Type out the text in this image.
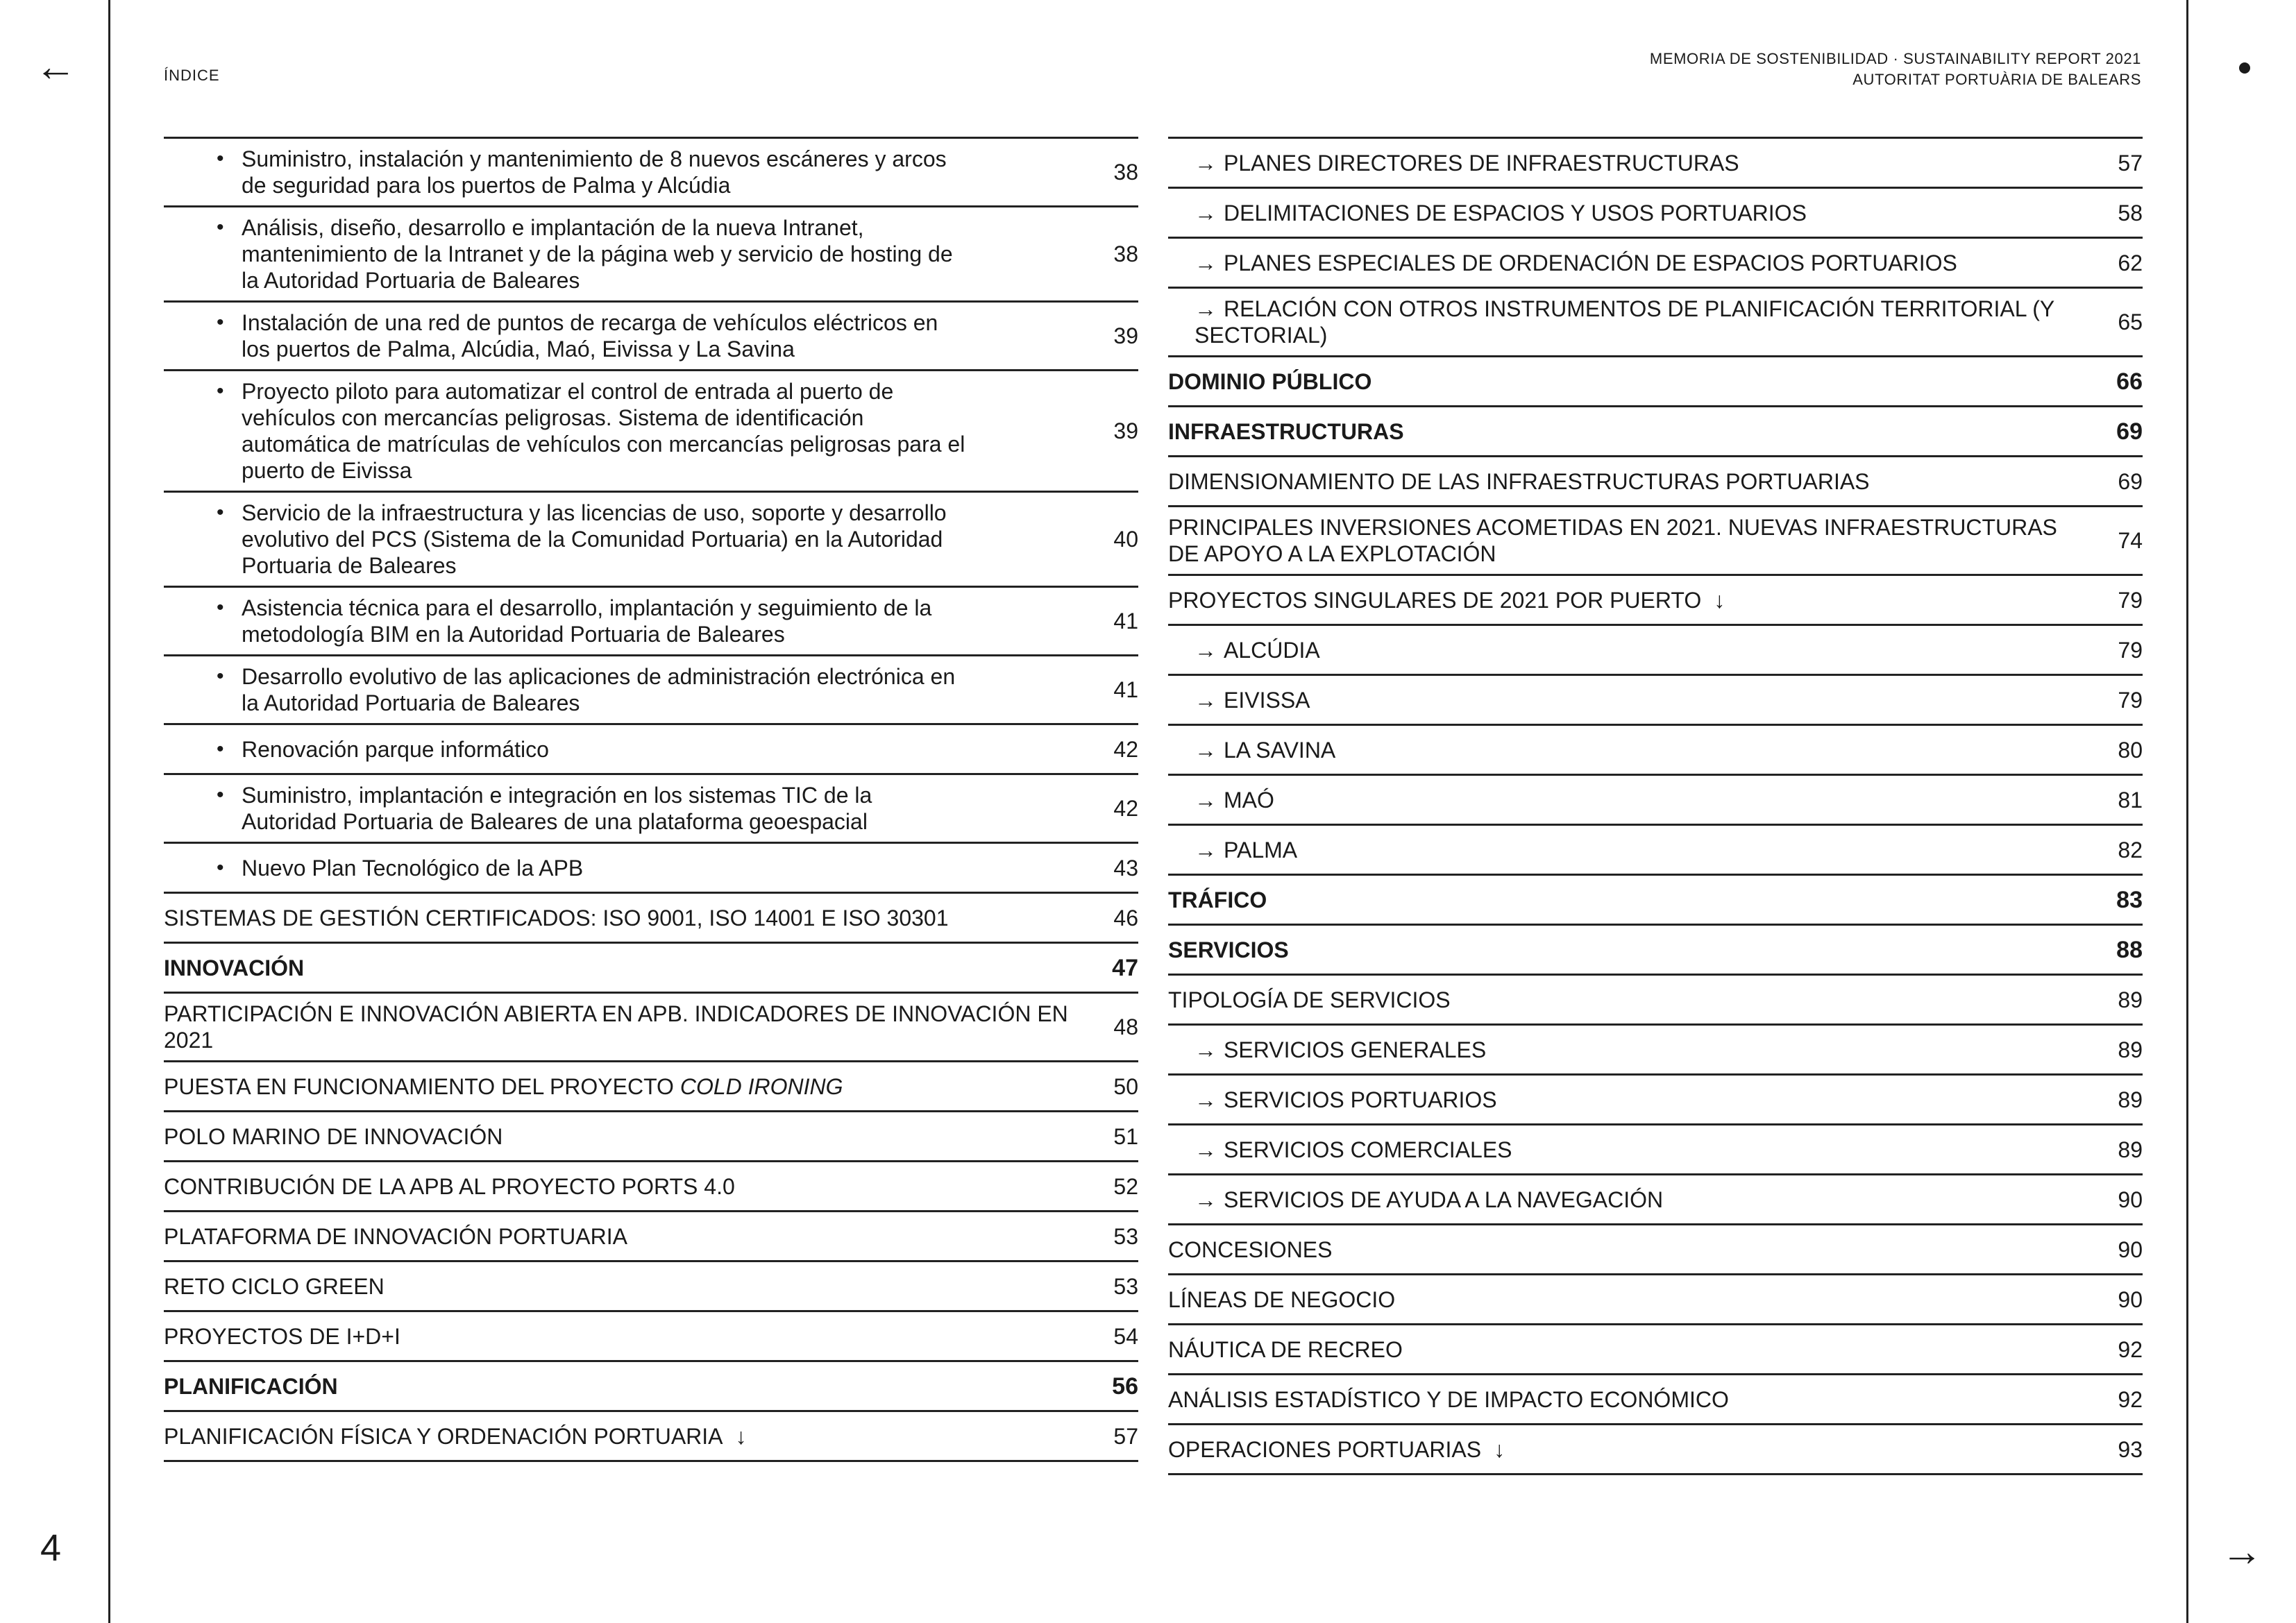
←
→
4
ÍNDICE
MEMORIA DE SOSTENIBILIDAD · SUSTAINABILITY REPORT 2021
AUTORITAT PORTUÀRIA DE BALEARS
• Suministro, instalación y mantenimiento de 8 nuevos escáneres y arcos de seguridad para los puertos de Palma y Alcúdia
38
• Análisis, diseño, desarrollo e implantación de la nueva Intranet, mantenimiento de la Intranet y de la página web y servicio de hosting de la Autoridad Portuaria de Baleares
38
• Instalación de una red de puntos de recarga de vehículos eléctricos en los puertos de Palma, Alcúdia, Maó, Eivissa y La Savina
39
• Proyecto piloto para automatizar el control de entrada al puerto de vehículos con mercancías peligrosas. Sistema de identificación automática de matrículas de vehículos con mercancías peligrosas para el puerto de Eivissa
39
• Servicio de la infraestructura y las licencias de uso, soporte y desarrollo evolutivo del PCS (Sistema de la Comunidad Portuaria) en la Autoridad Portuaria de Baleares
40
• Asistencia técnica para el desarrollo, implantación y seguimiento de la metodología BIM en la Autoridad Portuaria de Baleares
41
• Desarrollo evolutivo de las aplicaciones de administración electrónica en la Autoridad Portuaria de Baleares
41
• Renovación parque informático	42
• Suministro, implantación e integración en los sistemas TIC de la Autoridad Portuaria de Baleares de una plataforma geoespacial
42
• Nuevo Plan Tecnológico de la APB	43
SISTEMAS DE GESTIÓN CERTIFICADOS: ISO 9001, ISO 14001 E ISO 30301	46
INNOVACIÓN	47
PARTICIPACIÓN E INNOVACIÓN ABIERTA EN APB. INDICADORES DE INNOVACIÓN EN 2021
48
PUESTA EN FUNCIONAMIENTO DEL PROYECTO COLD IRONING	50
POLO MARINO DE INNOVACIÓN	51
CONTRIBUCIÓN DE LA APB AL PROYECTO PORTS 4.0	52
PLATAFORMA DE INNOVACIÓN PORTUARIA	53
RETO CICLO GREEN	53
PROYECTOS DE I+D+I	54
PLANIFICACIÓN	56
PLANIFICACIÓN FÍSICA Y ORDENACIÓN PORTUARIA ↓	57
→ PLANES DIRECTORES DE INFRAESTRUCTURAS	57
→ DELIMITACIONES DE ESPACIOS Y USOS PORTUARIOS	58
→ PLANES ESPECIALES DE ORDENACIÓN DE ESPACIOS PORTUARIOS	62
→ RELACIÓN CON OTROS INSTRUMENTOS DE PLANIFICACIÓN TERRITORIAL (Y SECTORIAL)
65
DOMINIO PÚBLICO	66
INFRAESTRUCTURAS	69
DIMENSIONAMIENTO DE LAS INFRAESTRUCTURAS PORTUARIAS	69
PRINCIPALES INVERSIONES ACOMETIDAS EN 2021. NUEVAS INFRAESTRUCTURAS DE APOYO A LA EXPLOTACIÓN
74
PROYECTOS SINGULARES DE 2021 POR PUERTO ↓	79
→ ALCÚDIA	79
→ EIVISSA	79
→ LA SAVINA	80
→ MAÓ	81
→ PALMA	82
TRÁFICO	83
SERVICIOS	88
TIPOLOGÍA DE SERVICIOS	89
→ SERVICIOS GENERALES	89
→ SERVICIOS PORTUARIOS	89
→ SERVICIOS COMERCIALES	89
→ SERVICIOS DE AYUDA A LA NAVEGACIÓN	90
CONCESIONES	90
LÍNEAS DE NEGOCIO	90
NÁUTICA DE RECREO	92
ANÁLISIS ESTADÍSTICO Y DE IMPACTO ECONÓMICO	92
OPERACIONES PORTUARIAS ↓	93
